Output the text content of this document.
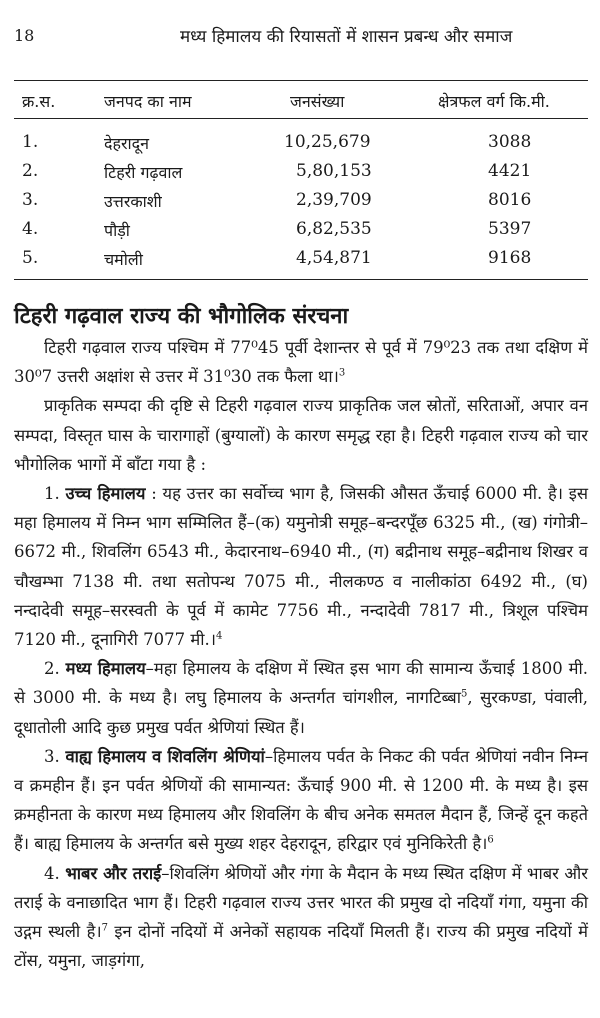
18	मध्य हिमालय की रियासतों में शासन प्रबन्ध और समाज
क्र.स.	जनपद का नाम	जनसंख्या	क्षेत्रफल वर्ग कि.मी.
1.	देहरादून	10,25,679	3088
2.	टिहरी गढ़वाल	5,80,153	4421
3.	उत्तरकाशी	2,39,709	8016
4.	पौड़ी	6,82,535	5397
5.	चमोली	4,54,871	9168
टिहरी गढ़वाल राज्य की भौगोलिक संरचना

टिहरी गढ़वाल राज्य पश्चिम में 77⁰45 पूर्वी देशान्तर से पूर्व में 79⁰23 तक तथा दक्षिण में 30⁰7 उत्तरी अक्षांश से उत्तर में 31⁰30 तक फैला था।$^3$

प्राकृतिक सम्पदा की दृष्टि से टिहरी गढ़वाल राज्य प्राकृतिक जल स्रोतों, सरिताओं, अपार वन सम्पदा, विस्तृत घास के चारागाहों (बुग्यालों) के कारण समृद्ध रहा है। टिहरी गढ़वाल राज्य को चार भौगोलिक भागों में बाँटा गया है :

1. उच्च हिमालय : यह उत्तर का सर्वोच्च भाग है, जिसकी औसत ऊँचाई 6000 मी. है। इस महा हिमालय में निम्न भाग सम्मिलित हैं–(क) यमुनोत्री समूह–बन्दरपूँछ 6325 मी., (ख) गंगोत्री–6672 मी., शिवलिंग 6543 मी., केदारनाथ–6940 मी., (ग) बद्रीनाथ समूह–बद्रीनाथ शिखर व चौखम्भा 7138 मी. तथा सतोपन्थ 7075 मी., नीलकण्ठ व नालीकांठा 6492 मी., (घ) नन्दादेवी समूह–सरस्वती के पूर्व में कामेट 7756 मी., नन्दादेवी 7817 मी., त्रिशूल पश्चिम 7120 मी., दूनागिरी 7077 मी.।$^4$

2. मध्य हिमालय–महा हिमालय के दक्षिण में स्थित इस भाग की सामान्य ऊँचाई 1800 मी. से 3000 मी. के मध्य है। लघु हिमालय के अन्तर्गत चांगशील, नागटिब्बा$^5$, सुरकण्डा, पंवाली, दूधातोली आदि कुछ प्रमुख पर्वत श्रेणियां स्थित हैं।

3. वाह्य हिमालय व शिवलिंग श्रेणियां–हिमालय पर्वत के निकट की पर्वत श्रेणियां नवीन निम्न व क्रमहीन हैं। इन पर्वत श्रेणियों की सामान्यत: ऊँचाई 900 मी. से 1200 मी. के मध्य है। इस क्रमहीनता के कारण मध्य हिमालय और शिवलिंग के बीच अनेक समतल मैदान हैं, जिन्हें दून कहते हैं। बाह्य हिमालय के अन्तर्गत बसे मुख्य शहर देहरादून, हरिद्वार एवं मुनिकिरेती है।$^6$

4. भाबर और तराई–शिवलिंग श्रेणियों और गंगा के मैदान के मध्य स्थित दक्षिण में भाबर और तराई के वनाछादित भाग हैं। टिहरी गढ़वाल राज्य उत्तर भारत की प्रमुख दो नदियाँ गंगा, यमुना की उद्गम स्थली है।$^7$ इन दोनों नदियों में अनेकों सहायक नदियाँ मिलती हैं। राज्य की प्रमुख नदियों में टोंस, यमुना, जाड़गंगा,
